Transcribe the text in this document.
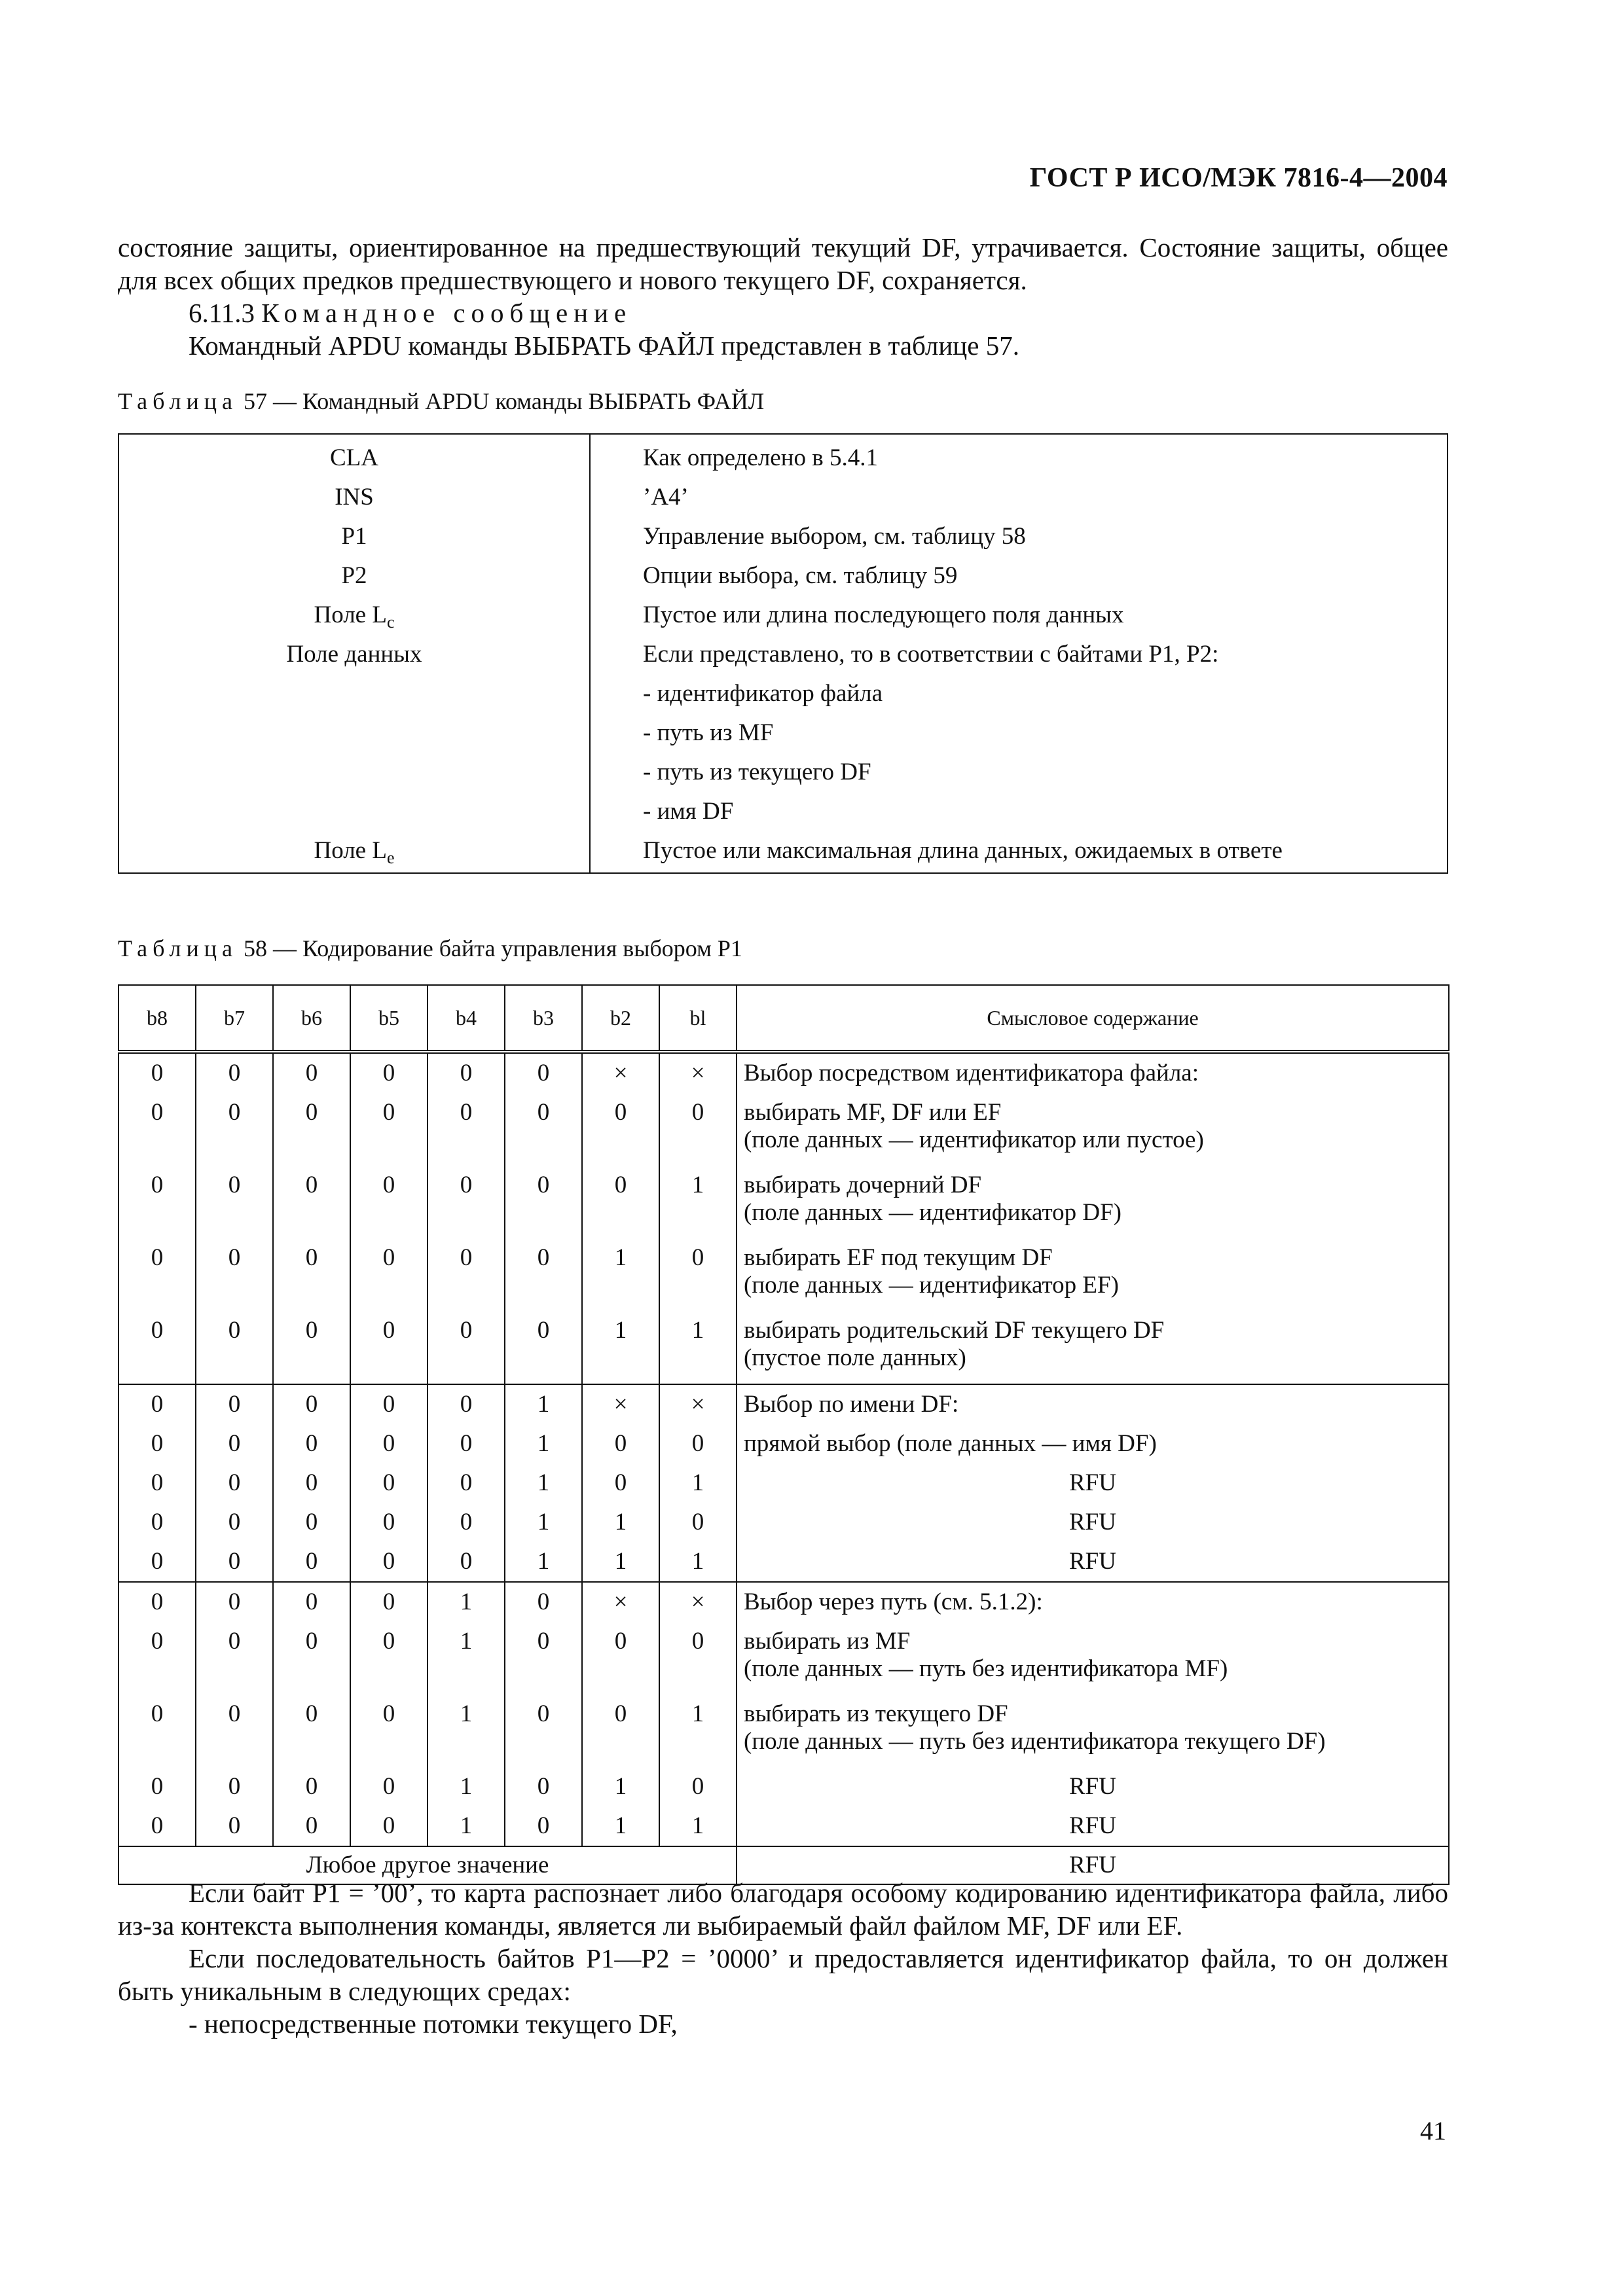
ГОСТ Р ИСО/МЭК 7816-4—2004

состояние защиты, ориентированное на предшествующий текущий DF, утрачивается. Состояние защиты, общее для всех общих предков предшествующего и нового текущего DF, сохраняется.

6.11.3 Командное сообщение

Командный APDU команды ВЫБРАТЬ ФАЙЛ представлен в таблице 57.

Таблица 57 — Командный APDU команды ВЫБРАТЬ ФАЙЛ
CLA	Как определено в 5.4.1
INS	’A4’
P1	Управление выбором, см. таблицу 58
P2	Опции выбора, см. таблицу 59
Поле $L_c$	Пустое или длина последующего поля данных
Поле данных	Если представлено, то в соответствии с байтами P1, P2:
- идентификатор файла
- путь из MF
- путь из текущего DF
- имя DF
Поле $L_e$	Пустое или максимальная длина данных, ожидаемых в ответе
Таблица 58 — Кодирование байта управления выбором P1
b8	b7	b6	b5	b4	b3	b2	bl	Смысловое содержание
0	0	0	0	0	0	×	×	Выбор посредством идентификатора файла:

0	0	0	0	0	0	0	0	выбирать MF, DF или EF
(поле данных — идентификатор или пустое)

0	0	0	0	0	0	0	1	выбирать дочерний DF
(поле данных — идентификатор DF)

0	0	0	0	0	0	1	0	выбирать EF под текущим DF
(поле данных — идентификатор EF)

0	0	0	0	0	0	1	1	выбирать родительский DF текущего DF
(пустое поле данных)

0	0	0	0	0	1	×	×	Выбор по имени DF:

0	0	0	0	0	1	0	0	прямой выбор (поле данных — имя DF)

0	0	0	0	0	1	0	1	RFU

0	0	0	0	0	1	1	0	RFU

0	0	0	0	0	1	1	1	RFU

0	0	0	0	1	0	×	×	Выбор через путь (см. 5.1.2):

0	0	0	0	1	0	0	0	выбирать из MF
(поле данных — путь без идентификатора MF)

0	0	0	0	1	0	0	1	выбирать из текущего DF
(поле данных — путь без идентификатора текущего DF)

0	0	0	0	1	0	1	0	RFU

0	0	0	0	1	0	1	1	RFU

Любое другое значение								RFU

Если байт P1 = ’00’, то карта распознает либо благодаря особому кодированию идентификатора файла, либо из-за контекста выполнения команды, является ли выбираемый файл файлом MF, DF или EF.

Если последовательность байтов P1—P2 = ’0000’ и предоставляется идентификатор файла, то он должен быть уникальным в следующих средах:

- непосредственные потомки текущего DF,

41
